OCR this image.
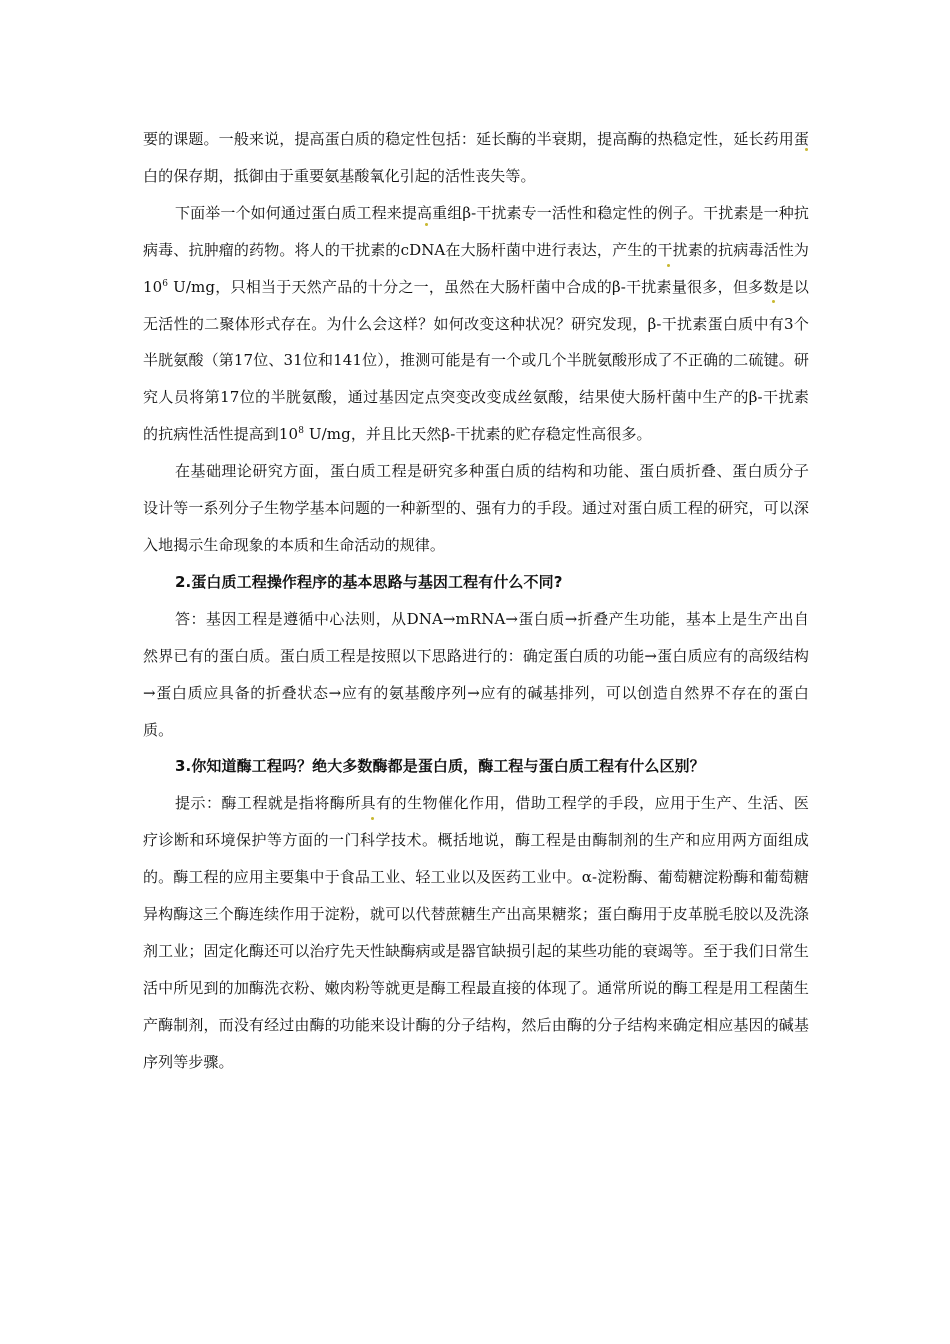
要的课题。一般来说，提高蛋白质的稳定性包括：延长酶的半衰期，提高酶的热稳定性，延长药用蛋白的保存期，抵御由于重要氨基酸氧化引起的活性丧失等。

下面举一个如何通过蛋白质工程来提高重组β-干扰素专一活性和稳定性的例子。干扰素是一种抗病毒、抗肿瘤的药物。将人的干扰素的cDNA在大肠杆菌中进行表达，产生的干扰素的抗病毒活性为$10^6$ U/mg，只相当于天然产品的十分之一，虽然在大肠杆菌中合成的β-干扰素量很多，但多数是以无活性的二聚体形式存在。为什么会这样？如何改变这种状况？研究发现，β-干扰素蛋白质中有3个半胱氨酸（第17位、31位和141位），推测可能是有一个或几个半胱氨酸形成了不正确的二硫键。研究人员将第17位的半胱氨酸，通过基因定点突变改变成丝氨酸，结果使大肠杆菌中生产的β-干扰素的抗病性活性提高到$10^8$ U/mg，并且比天然β-干扰素的贮存稳定性高很多。

在基础理论研究方面，蛋白质工程是研究多种蛋白质的结构和功能、蛋白质折叠、蛋白质分子设计等一系列分子生物学基本问题的一种新型的、强有力的手段。通过对蛋白质工程的研究，可以深入地揭示生命现象的本质和生命活动的规律。

2.蛋白质工程操作程序的基本思路与基因工程有什么不同?

答：基因工程是遵循中心法则，从DNA→mRNA→蛋白质→折叠产生功能，基本上是生产出自然界已有的蛋白质。蛋白质工程是按照以下思路进行的：确定蛋白质的功能→蛋白质应有的高级结构→蛋白质应具备的折叠状态→应有的氨基酸序列→应有的碱基排列，可以创造自然界不存在的蛋白质。

3.你知道酶工程吗？绝大多数酶都是蛋白质，酶工程与蛋白质工程有什么区别？

提示：酶工程就是指将酶所具有的生物催化作用，借助工程学的手段，应用于生产、生活、医疗诊断和环境保护等方面的一门科学技术。概括地说，酶工程是由酶制剂的生产和应用两方面组成的。酶工程的应用主要集中于食品工业、轻工业以及医药工业中。α-淀粉酶、葡萄糖淀粉酶和葡萄糖异构酶这三个酶连续作用于淀粉，就可以代替蔗糖生产出高果糖浆；蛋白酶用于皮革脱毛胶以及洗涤剂工业；固定化酶还可以治疗先天性缺酶病或是器官缺损引起的某些功能的衰竭等。至于我们日常生活中所见到的加酶洗衣粉、嫩肉粉等就更是酶工程最直接的体现了。通常所说的酶工程是用工程菌生产酶制剂，而没有经过由酶的功能来设计酶的分子结构，然后由酶的分子结构来确定相应基因的碱基序列等步骤。
